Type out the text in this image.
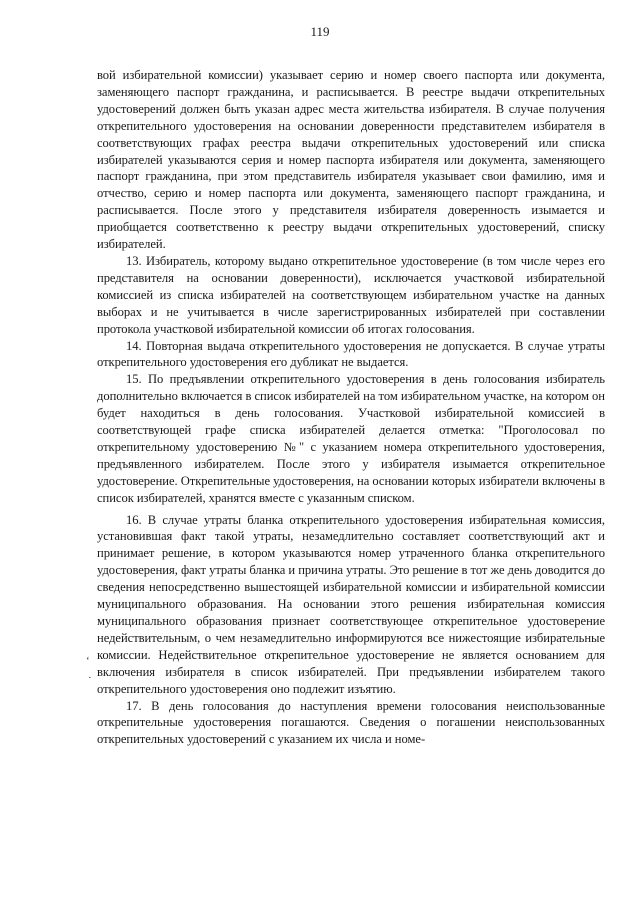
119

вой избирательной комиссии) указывает серию и номер своего паспорта или документа, заменяющего паспорт гражданина, и расписывается. В реестре выдачи открепительных удостоверений должен быть указан адрес места жительства избирателя. В случае получения открепительного удостоверения на основании доверенности представителем избирателя в соответствующих графах реестра выдачи открепительных удостоверений или списка избирателей указываются серия и номер паспорта избирателя или документа, заменяющего паспорт гражданина, при этом представитель избирателя указывает свои фамилию, имя и отчество, серию и номер паспорта или документа, заменяющего паспорт гражданина, и расписывается. После этого у представителя избирателя доверенность изымается и приобщается соответственно к реестру выдачи открепительных удостоверений, списку избирателей.

13. Избиратель, которому выдано открепительное удостоверение (в том числе через его представителя на основании доверенности), исключается участковой избирательной комиссией из списка избирателей на соответствующем избирательном участке на данных выборах и не учитывается в числе зарегистрированных избирателей при составлении протокола участковой избирательной комиссии об итогах голосования.

14. Повторная выдача открепительного удостоверения не допускается. В случае утраты открепительного удостоверения его дубликат не выдается.

15. По предъявлении открепительного удостоверения в день голосования избиратель дополнительно включается в список избирателей на том избирательном участке, на котором он будет находиться в день голосования. Участковой избирательной комиссией в соответствующей графе списка избирателей делается отметка: "Проголосовал по открепительному удостоверению №" с указанием номера открепительного удостоверения, предъявленного избирателем. После этого у избирателя изымается открепительное удостоверение. Открепительные удостоверения, на основании которых избиратели включены в список избирателей, хранятся вместе с указанным списком.

16. В случае утраты бланка открепительного удостоверения избирательная комиссия, установившая факт такой утраты, незамедлительно составляет соответствующий акт и принимает решение, в котором указываются номер утраченного бланка открепительного удостоверения, факт утраты бланка и причина утраты. Это решение в тот же день доводится до сведения непосредственно вышестоящей избирательной комиссии и избирательной комиссии муниципального образования. На основании этого решения избирательная комиссия муниципального образования признает соответствующее открепительное удостоверение недействительным, о чем незамедлительно информируются все нижестоящие избирательные комиссии. Недействительное открепительное удостоверение не является основанием для включения избирателя в список избирателей. При предъявлении избирателем такого открепительного удостоверения оно подлежит изъятию.

17. В день голосования до наступления времени голосования неиспользованные открепительные удостоверения погашаются. Сведения о погашении неиспользованных открепительных удостоверений с указанием их числа и номе-

‘
·
